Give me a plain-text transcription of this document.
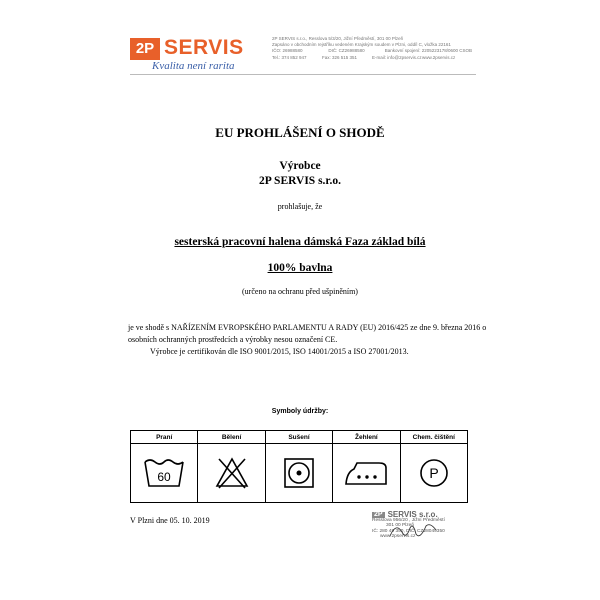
2P SERVIS
Kvalita není rarita
2P SERVIS s.r.o., Resslova 5/3/20, Jižní Předměstí, 301 00 Plzeň
Zapsáno v obchodním rejstříku vedeném Krajským soudem v Plzni, oddíl C, vložka 22161
IČO: 26988580	DIČ: CZ26988580	Bankovní spojení: 2205223178/0600 CSOB
Tel.: 374 852 947	Fax: 326 515 351	E-mail: info@2pservis.cz www.2pservis.cz
EU PROHLÁŠENÍ O SHODĚ
Výrobce
2P SERVIS s.r.o.
prohlašuje, že
sesterská pracovní halena dámská Faza základ bílá
100% bavlna
(určeno na ochranu před ušpiněním)
je ve shodě s NAŘÍZENÍM EVROPSKÉHO PARLAMENTU A RADY (EU) 2016/425 ze dne 9. března 2016 o osobních ochranných prostředcích a výrobky nesou označení CE.
Výrobce je certifikován dle ISO 9001/2015, ISO 14001/2015 a ISO 27001/2013.
Symboly údržby:
Praní	Bělení	Sušení	Žehlení	Chem. čištění

60				P
V Plzni dne 05. 10. 2019
2P SERVIS s.r.o.
Resslova 956/20 , Jižní Předměstí
301 00 Plzeň
IČ: 280 49 350, DIČ: CZ28049350
www.2pservis.cz
